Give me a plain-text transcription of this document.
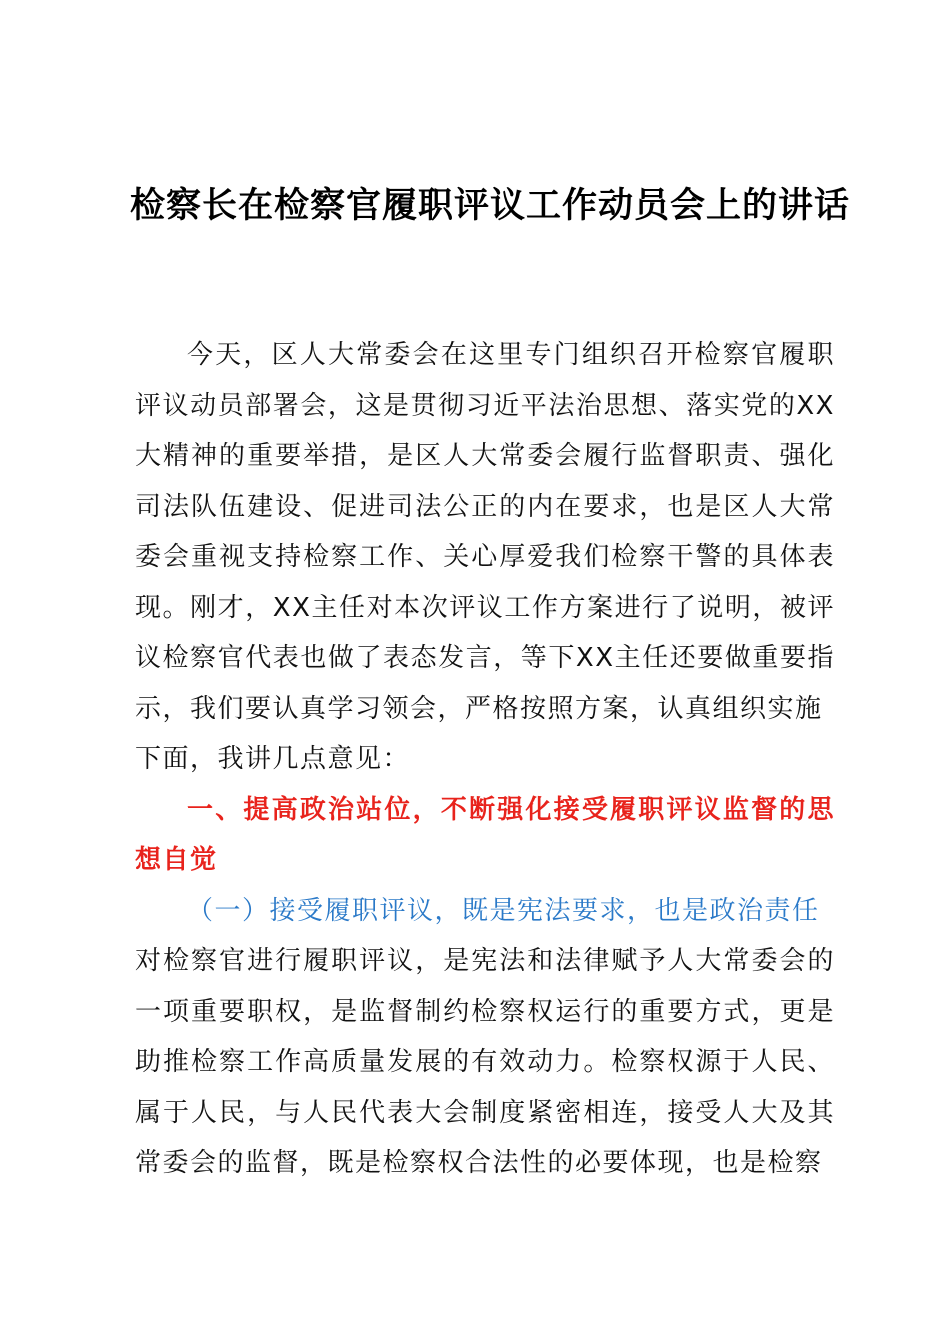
检察长在检察官履职评议工作动员会上的讲话

今天，区人大常委会在这里专门组织召开检察官履职评议动员部署会，这是贯彻习近平法治思想、落实党的XX大精神的重要举措，是区人大常委会履行监督职责、强化司法队伍建设、促进司法公正的内在要求，也是区人大常委会重视支持检察工作、关心厚爱我们检察干警的具体表现。刚才，XX主任对本次评议工作方案进行了说明，被评议检察官代表也做了表态发言，等下XX主任还要做重要指示，我们要认真学习领会，严格按照方案，认真组织实施

下面，我讲几点意见：

一、提高政治站位，不断强化接受履职评议监督的思想自觉

（一）接受履职评议，既是宪法要求，也是政治责任

对检察官进行履职评议，是宪法和法律赋予人大常委会的一项重要职权，是监督制约检察权运行的重要方式，更是助推检察工作高质量发展的有效动力。检察权源于人民、属于人民，与人民代表大会制度紧密相连，接受人大及其常委会的监督，既是检察权合法性的必要体现，也是检察
